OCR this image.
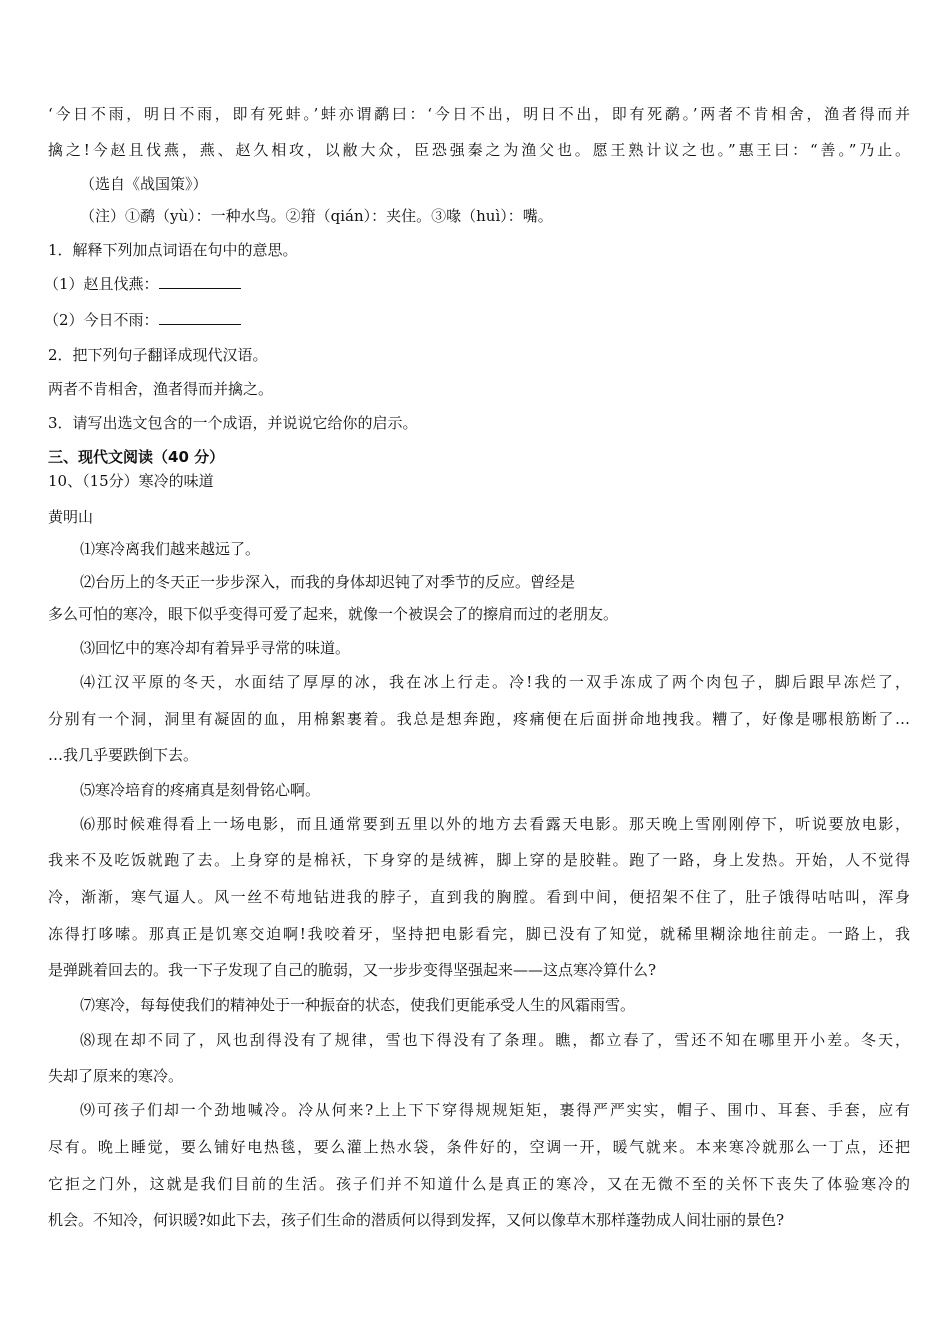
‘今日不雨，明日不雨，即有死蚌。’蚌亦谓鹬曰：‘今日不出，明日不出，即有死鹬。’两者不肯相舍，渔者得而并
擒之!今赵且伐燕，燕、赵久相攻，以敝大众，臣恐强秦之为渔父也。愿王熟计议之也。”惠王曰：“善。”乃止。
（选自《战国策》）
（注）①鹬（yù）：一种水鸟。②箝（qián）：夹住。③喙（huì）：嘴。
1．解释下列加点词语在句中的意思。
（1）赵且伐燕：
（2）今日不雨：
2．把下列句子翻译成现代汉语。
两者不肯相舍，渔者得而并擒之。
3．请写出选文包含的一个成语，并说说它给你的启示。
三、现代文阅读（40 分）
10、（15分）寒冷的味道
黄明山
⑴寒冷离我们越来越远了。
⑵台历上的冬天正一步步深入，而我的身体却迟钝了对季节的反应。曾经是
多么可怕的寒冷，眼下似乎变得可爱了起来，就像一个被误会了的擦肩而过的老朋友。
⑶回忆中的寒冷却有着异乎寻常的味道。
⑷江汉平原的冬天，水面结了厚厚的冰，我在冰上行走。冷!我的一双手冻成了两个肉包子，脚后跟早冻烂了，
分别有一个洞，洞里有凝固的血，用棉絮裹着。我总是想奔跑，疼痛便在后面拼命地拽我。糟了，好像是哪根筋断了…
…我几乎要跌倒下去。
⑸寒冷培育的疼痛真是刻骨铭心啊。
⑹那时候难得看上一场电影，而且通常要到五里以外的地方去看露天电影。那天晚上雪刚刚停下，听说要放电影，
我来不及吃饭就跑了去。上身穿的是棉袄，下身穿的是绒裤，脚上穿的是胶鞋。跑了一路，身上发热。开始，人不觉得
冷，渐渐，寒气逼人。风一丝不苟地钻进我的脖子，直到我的胸膛。看到中间，便招架不住了，肚子饿得咕咕叫，浑身
冻得打哆嗦。那真正是饥寒交迫啊!我咬着牙，坚持把电影看完，脚已没有了知觉，就稀里糊涂地往前走。一路上，我
是弹跳着回去的。我一下子发现了自己的脆弱，又一步步变得坚强起来——这点寒冷算什么?
⑺寒冷，每每使我们的精神处于一种振奋的状态，使我们更能承受人生的风霜雨雪。
⑻现在却不同了，风也刮得没有了规律，雪也下得没有了条理。瞧，都立春了，雪还不知在哪里开小差。冬天，
失却了原来的寒冷。
⑼可孩子们却一个劲地喊冷。冷从何来?上上下下穿得规规矩矩，裹得严严实实，帽子、围巾、耳套、手套，应有
尽有。晚上睡觉，要么铺好电热毯，要么灌上热水袋，条件好的，空调一开，暖气就来。本来寒冷就那么一丁点，还把
它拒之门外，这就是我们目前的生活。孩子们并不知道什么是真正的寒冷，又在无微不至的关怀下丧失了体验寒冷的
机会。不知冷，何识暖?如此下去，孩子们生命的潜质何以得到发挥，又何以像草木那样蓬勃成人间壮丽的景色?
